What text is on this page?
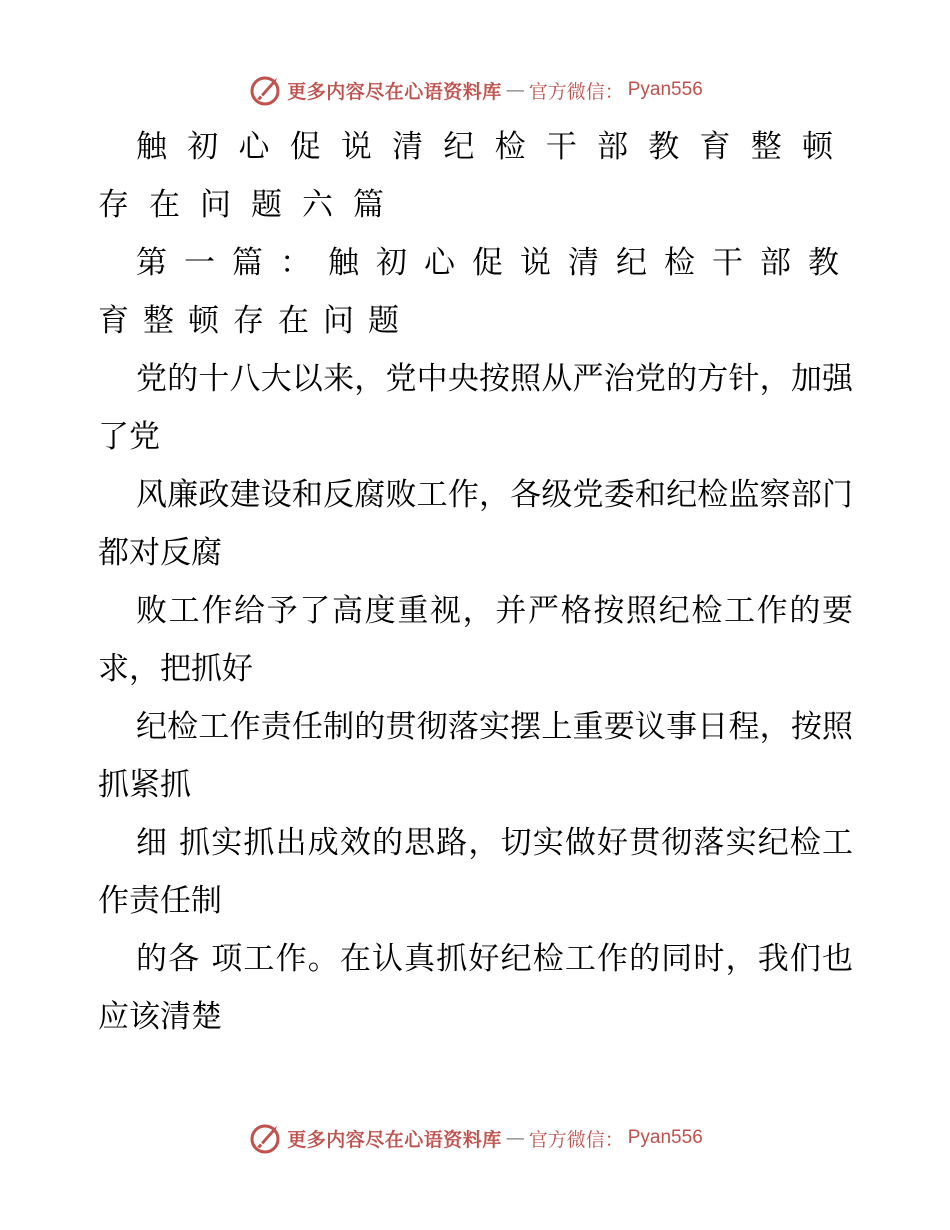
更多内容尽在心语资料库 — 官方微信： Pyan556

触初心促说清纪检干部教育整顿存在问题六篇

第一篇：触初心促说清纪检干部教育整顿存在问题

党的十八大以来，党中央按照从严治党的方针，加强了党

风廉政建设和反腐败工作，各级党委和纪检监察部门都对反腐

败工作给予了高度重视，并严格按照纪检工作的要求，把抓好

纪检工作责任制的贯彻落实摆上重要议事日程，按照抓紧抓

细 抓实抓出成效的思路，切实做好贯彻落实纪检工作责任制

的各 项工作。在认真抓好纪检工作的同时，我们也应该清楚

更多内容尽在心语资料库 — 官方微信： Pyan556
